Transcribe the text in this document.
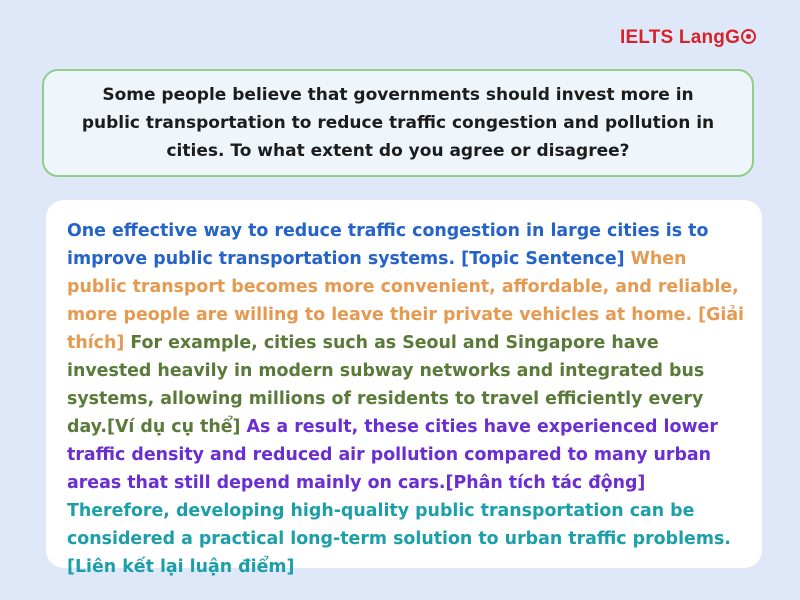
IELTS LangG
Some people believe that governments should invest more in public transportation to reduce traffic congestion and pollution in cities. To what extent do you agree or disagree?

One effective way to reduce traffic congestion in large cities is to improve public transportation systems. [Topic Sentence] When public transport becomes more convenient, affordable, and reliable, more people are willing to leave their private vehicles at home. [Giải thích] For example, cities such as Seoul and Singapore have invested heavily in modern subway networks and integrated bus systems, allowing millions of residents to travel efficiently every day.[Ví dụ cụ thể] As a result, these cities have experienced lower traffic density and reduced air pollution compared to many urban areas that still depend mainly on cars.[Phân tích tác động] Therefore, developing high-quality public transportation can be considered a practical long-term solution to urban traffic problems.[Liên kết lại luận điểm]
